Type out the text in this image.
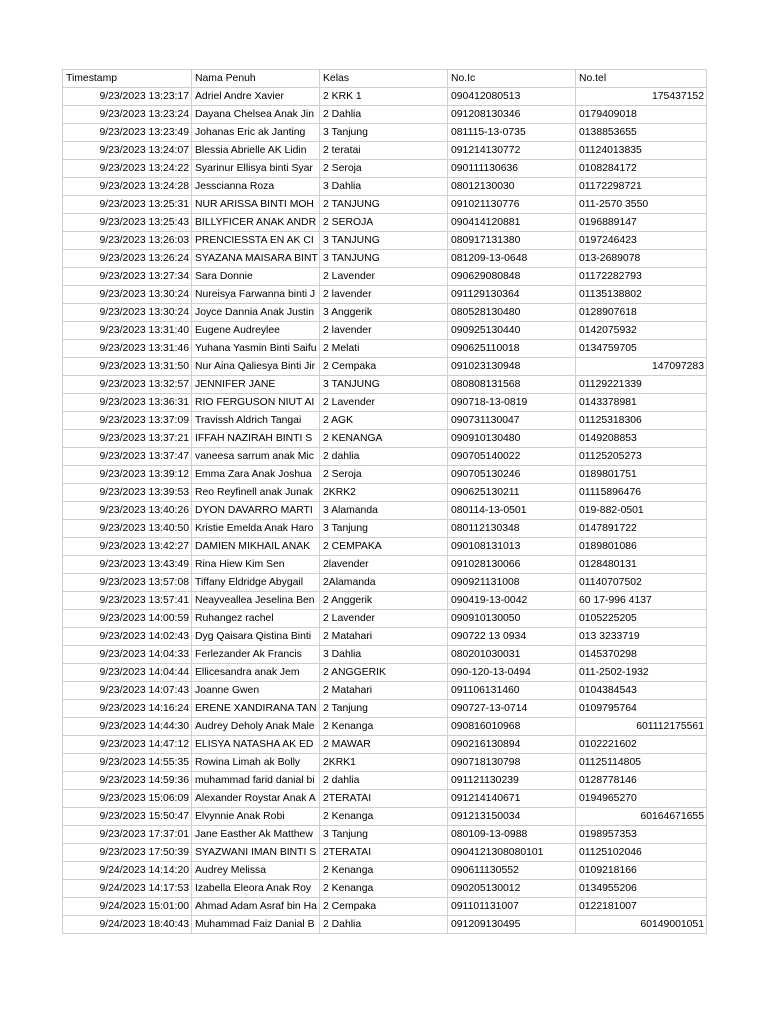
Timestamp	Nama Penuh	Kelas	No.Ic	No.tel
9/23/2023 13:23:17	Adriel Andre Xavier	2 KRK 1	090412080513	175437152
9/23/2023 13:23:24	Dayana Chelsea Anak Jin	2 Dahlia	091208130346	0179409018
9/23/2023 13:23:49	Johanas Eric ak Janting	3 Tanjung	081115-13-0735	0138853655
9/23/2023 13:24:07	Blessia Abrielle AK Lidin	2 teratai	091214130772	01124013835
9/23/2023 13:24:22	Syarinur Ellisya binti Syar	2 Seroja	090111130636	0108284172
9/23/2023 13:24:28	Jesscianna Roza	3 Dahlia	08012130030	01172298721
9/23/2023 13:25:31	NUR ARISSA BINTI MOH	2 TANJUNG	091021130776	011-2570 3550
9/23/2023 13:25:43	BILLYFICER ANAK ANDR	2 SEROJA	090414120881	0196889147
9/23/2023 13:26:03	PRENCIESSTA EN AK CI	3 TANJUNG	080917131380	0197246423
9/23/2023 13:26:24	SYAZANA MAISARA BINT	3 TANJUNG	081209-13-0648	013-2689078
9/23/2023 13:27:34	Sara Donnie	2 Lavender	090629080848	01172282793
9/23/2023 13:30:24	Nureisya Farwanna binti J	2 lavender	091129130364	01135138802
9/23/2023 13:30:24	Joyce Dannia Anak Justin	3 Anggerik	080528130480	0128907618
9/23/2023 13:31:40	Eugene Audreylee	2 lavender	090925130440	0142075932
9/23/2023 13:31:46	Yuhana Yasmin Binti Saifu	2 Melati	090625110018	0134759705
9/23/2023 13:31:50	Nur Aina Qaliesya Binti Jir	2 Cempaka	091023130948	147097283
9/23/2023 13:32:57	JENNIFER JANE	3 TANJUNG	080808131568	01129221339
9/23/2023 13:36:31	RIO FERGUSON NIUT AI	2 Lavender	090718-13-0819	0143378981
9/23/2023 13:37:09	Travissh Aldrich Tangai	2 AGK	090731130047	01125318306
9/23/2023 13:37:21	IFFAH NAZIRAH BINTI S	2 KENANGA	090910130480	0149208853
9/23/2023 13:37:47	vaneesa sarrum anak Mic	2 dahlia	090705140022	01125205273
9/23/2023 13:39:12	Emma Zara Anak Joshua	2 Seroja	090705130246	0189801751
9/23/2023 13:39:53	Reo Reyfinell anak Junak	2KRK2	090625130211	01115896476
9/23/2023 13:40:26	DYON DAVARRO MARTI	3 Alamanda	080114-13-0501	019-882-0501
9/23/2023 13:40:50	Kristie Emelda Anak Haro	3 Tanjung	080112130348	0147891722
9/23/2023 13:42:27	DAMIEN MIKHAIL ANAK	2 CEMPAKA	090108131013	0189801086
9/23/2023 13:43:49	Rina Hiew Kim Sen	2lavender	091028130066	0128480131
9/23/2023 13:57:08	Tiffany Eldridge Abygail	2Alamanda	090921131008	01140707502
9/23/2023 13:57:41	Neayveallea Jeselina Ben	2 Anggerik	090419-13-0042	60 17-996 4137
9/23/2023 14:00:59	Ruhangez rachel	2 Lavender	090910130050	0105225205
9/23/2023 14:02:43	Dyg Qaisara Qistina Binti	2 Matahari	090722 13 0934	013 3233719
9/23/2023 14:04:33	Ferlezander Ak Francis	3 Dahlia	080201030031	0145370298
9/23/2023 14:04:44	Ellicesandra anak Jem	2 ANGGERIK	090-120-13-0494	011-2502-1932
9/23/2023 14:07:43	Joanne Gwen	2 Matahari	091106131460	0104384543
9/23/2023 14:16:24	ERENE XANDIRANA TAN	2 Tanjung	090727-13-0714	0109795764
9/23/2023 14:44:30	Audrey Deholy Anak Male	2 Kenanga	090816010968	601112175561
9/23/2023 14:47:12	ELISYA NATASHA AK ED	2 MAWAR	090216130894	0102221602
9/23/2023 14:55:35	Rowina Limah ak Bolly	2KRK1	090718130798	01125114805
9/23/2023 14:59:36	muhammad farid danial bi	2 dahlia	091121130239	0128778146
9/23/2023 15:06:09	Alexander Roystar Anak A	2TERATAI	091214140671	0194965270
9/23/2023 15:50:47	Elvynnie Anak Robi	2 Kenanga	091213150034	60164671655
9/23/2023 17:37:01	Jane Easther Ak Matthew	3 Tanjung	080109-13-0988	0198957353
9/23/2023 17:50:39	SYAZWANI IMAN BINTI S	2TERATAI	0904121308080101	01125102046
9/24/2023 14:14:20	Audrey Melissa	2 Kenanga	090611130552	0109218166
9/24/2023 14:17:53	Izabella Eleora Anak Roy	2 Kenanga	090205130012	0134955206
9/24/2023 15:01:00	Ahmad Adam Asraf bin Ha	2 Cempaka	091101131007	0122181007
9/24/2023 18:40:43	Muhammad Faiz Danial B	2 Dahlia	091209130495	60149001051
